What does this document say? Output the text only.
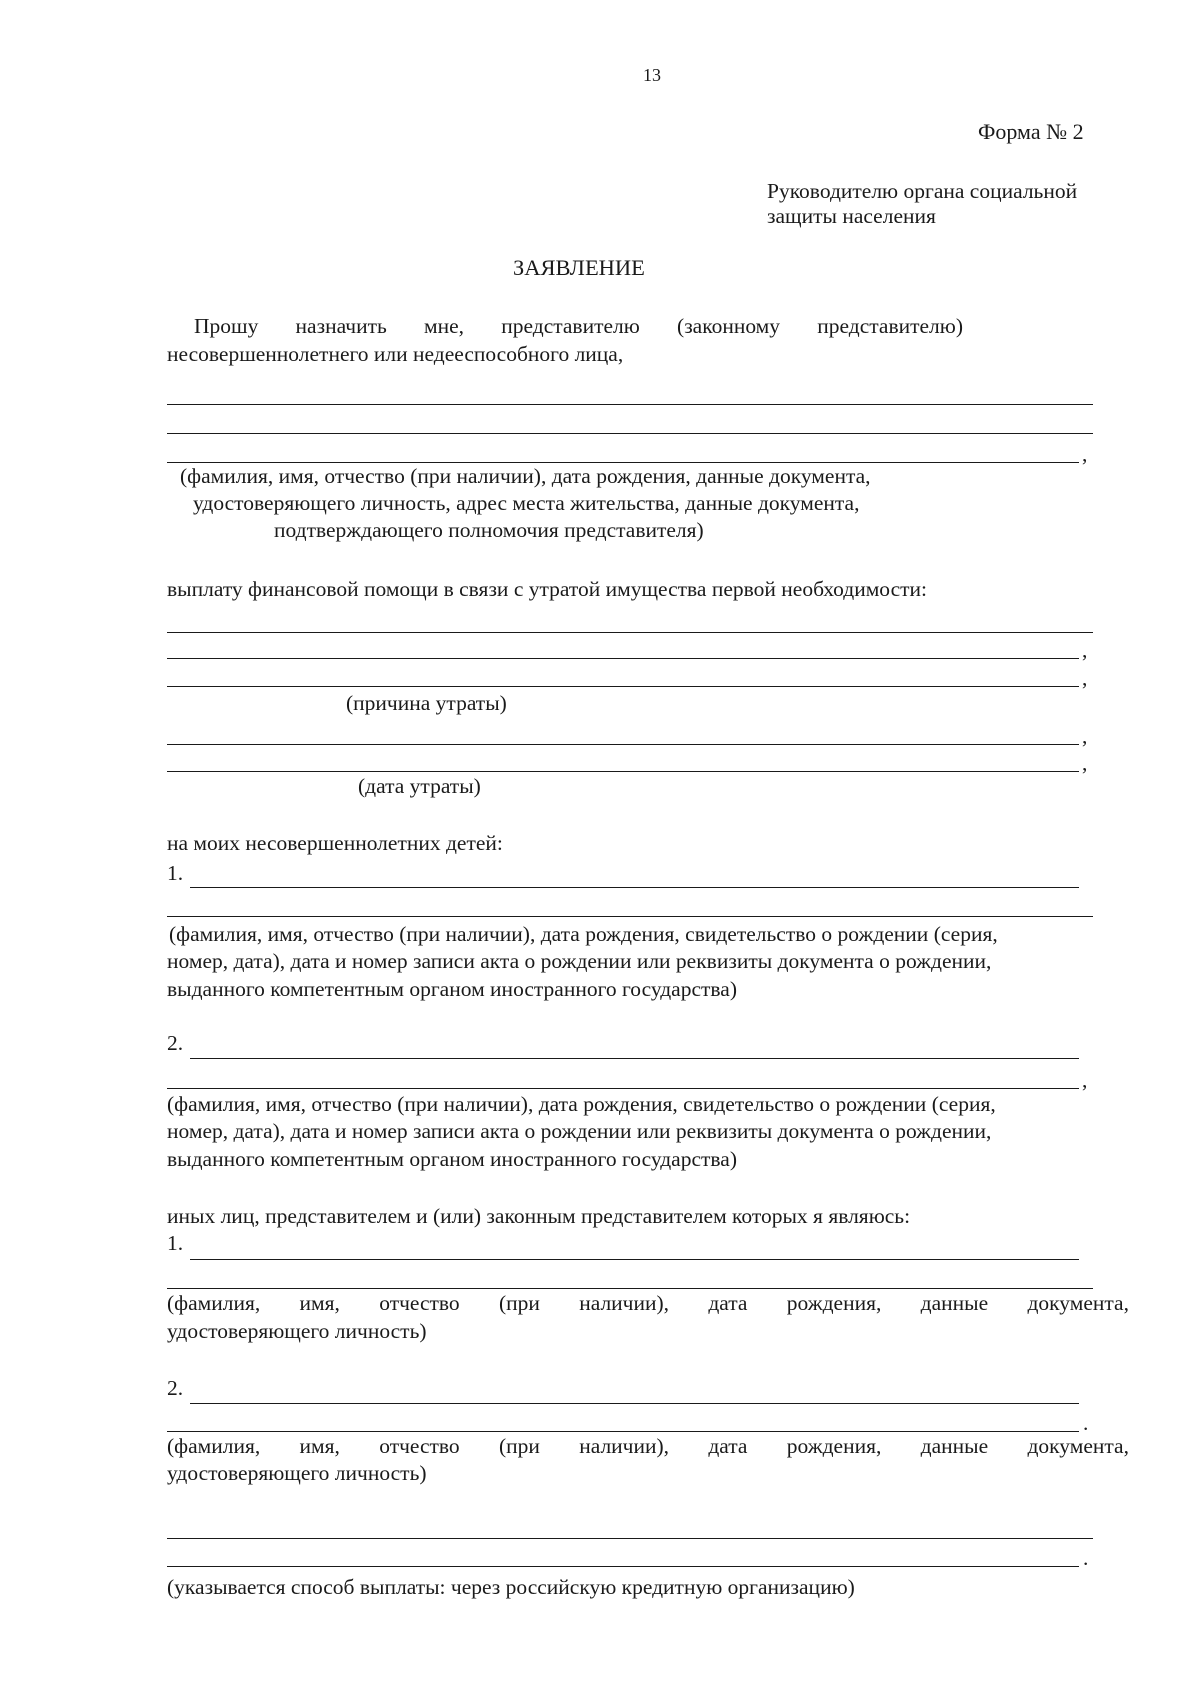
13
Форма № 2
Руководителю органа социальной
защиты населения
ЗАЯВЛЕНИЕ
Прошу назначить мне, представителю (законному представителю)
несовершеннолетнего или недееспособного лица,
,
(фамилия, имя, отчество (при наличии), дата рождения, данные документа,
удостоверяющего личность, адрес места жительства, данные документа,
подтверждающего полномочия представителя)
выплату финансовой помощи в связи с утратой имущества первой необходимости:
,
,
(причина утраты)
,
,
(дата утраты)
на моих несовершеннолетних детей:
1.
(фамилия, имя, отчество (при наличии), дата рождения, свидетельство о рождении (серия,
номер, дата), дата и номер записи акта о рождении или реквизиты документа о рождении,
выданного компетентным органом иностранного государства)
2.
,
(фамилия, имя, отчество (при наличии), дата рождения, свидетельство о рождении (серия,
номер, дата), дата и номер записи акта о рождении или реквизиты документа о рождении,
выданного компетентным органом иностранного государства)
иных лиц, представителем и (или) законным представителем которых я являюсь:
1.
(фамилия, имя, отчество (при наличии), дата рождения, данные документа,
удостоверяющего личность)
2.
.
(фамилия, имя, отчество (при наличии), дата рождения, данные документа,
удостоверяющего личность)
.
(указывается способ выплаты: через российскую кредитную организацию)
